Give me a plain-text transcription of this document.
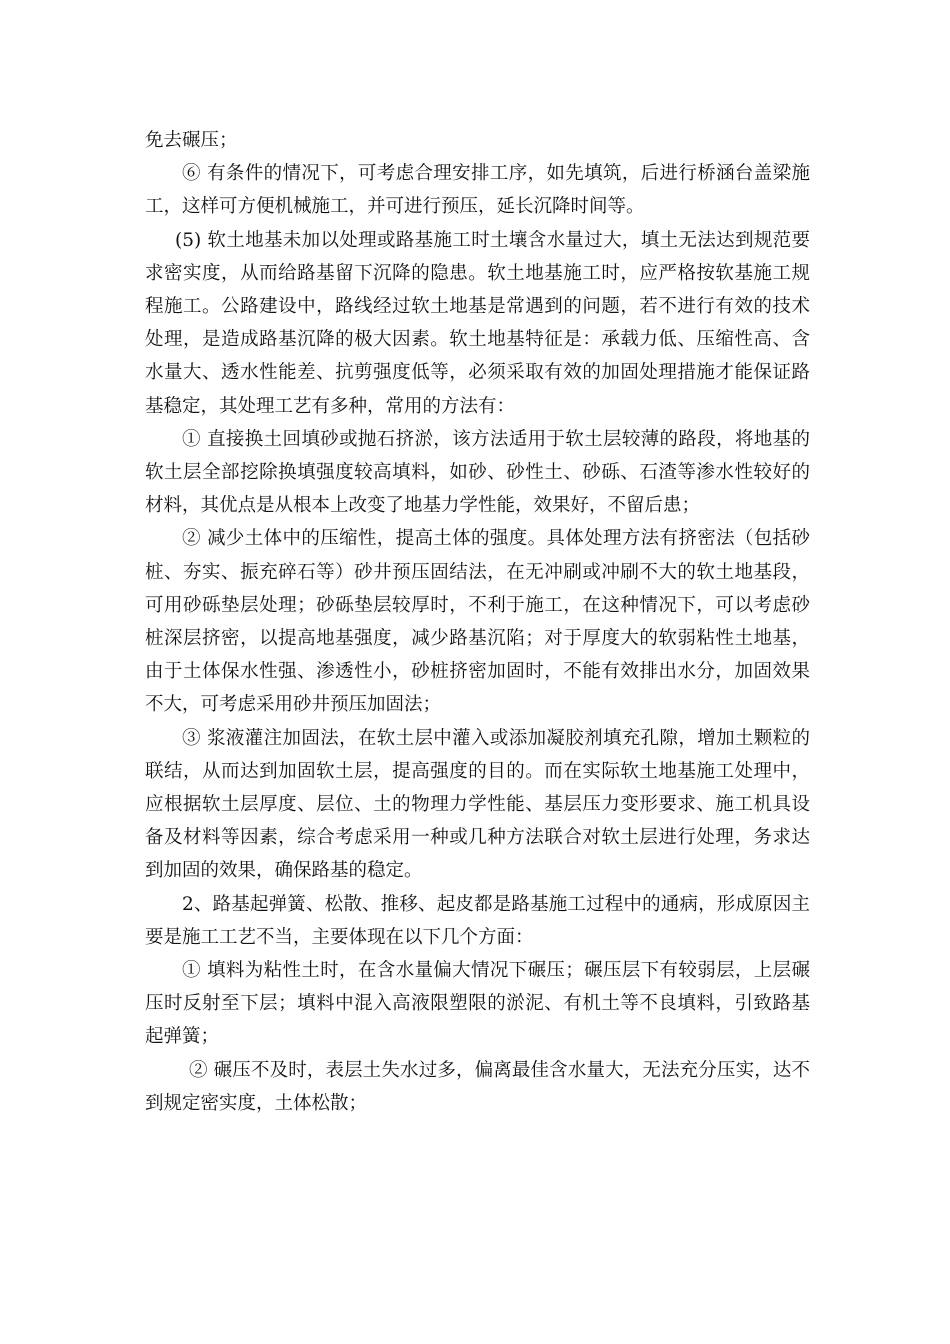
免去碾压；

⑥ 有条件的情况下，可考虑合理安排工序，如先填筑，后进行桥涵台盖梁施工，这样可方便机械施工，并可进行预压，延长沉降时间等。

(5) 软土地基未加以处理或路基施工时土壤含水量过大，填土无法达到规范要求密实度，从而给路基留下沉降的隐患。软土地基施工时，应严格按软基施工规程施工。公路建设中，路线经过软土地基是常遇到的问题，若不进行有效的技术处理，是造成路基沉降的极大因素。软土地基特征是：承载力低、压缩性高、含水量大、透水性能差、抗剪强度低等，必须采取有效的加固处理措施才能保证路基稳定，其处理工艺有多种，常用的方法有：

① 直接换土回填砂或抛石挤淤，该方法适用于软土层较薄的路段，将地基的软土层全部挖除换填强度较高填料，如砂、砂性土、砂砾、石渣等渗水性较好的材料，其优点是从根本上改变了地基力学性能，效果好，不留后患；

② 减少土体中的压缩性，提高土体的强度。具体处理方法有挤密法（包括砂桩、夯实、振充碎石等）砂井预压固结法，在无冲刷或冲刷不大的软土地基段，可用砂砾垫层处理；砂砾垫层较厚时，不利于施工，在这种情况下，可以考虑砂桩深层挤密，以提高地基强度，减少路基沉陷；对于厚度大的软弱粘性土地基，由于土体保水性强、渗透性小，砂桩挤密加固时，不能有效排出水分，加固效果不大，可考虑采用砂井预压加固法；

③ 浆液灌注加固法，在软土层中灌入或添加凝胶剂填充孔隙，增加土颗粒的联结，从而达到加固软土层，提高强度的目的。而在实际软土地基施工处理中，应根据软土层厚度、层位、土的物理力学性能、基层压力变形要求、施工机具设备及材料等因素，综合考虑采用一种或几种方法联合对软土层进行处理，务求达到加固的效果，确保路基的稳定。

2、路基起弹簧、松散、推移、起皮都是路基施工过程中的通病，形成原因主要是施工工艺不当，主要体现在以下几个方面：

① 填料为粘性土时，在含水量偏大情况下碾压；碾压层下有较弱层，上层碾压时反射至下层；填料中混入高液限塑限的淤泥、有机土等不良填料，引致路基起弹簧；

② 碾压不及时，表层土失水过多，偏离最佳含水量大，无法充分压实，达不到规定密实度，土体松散；
